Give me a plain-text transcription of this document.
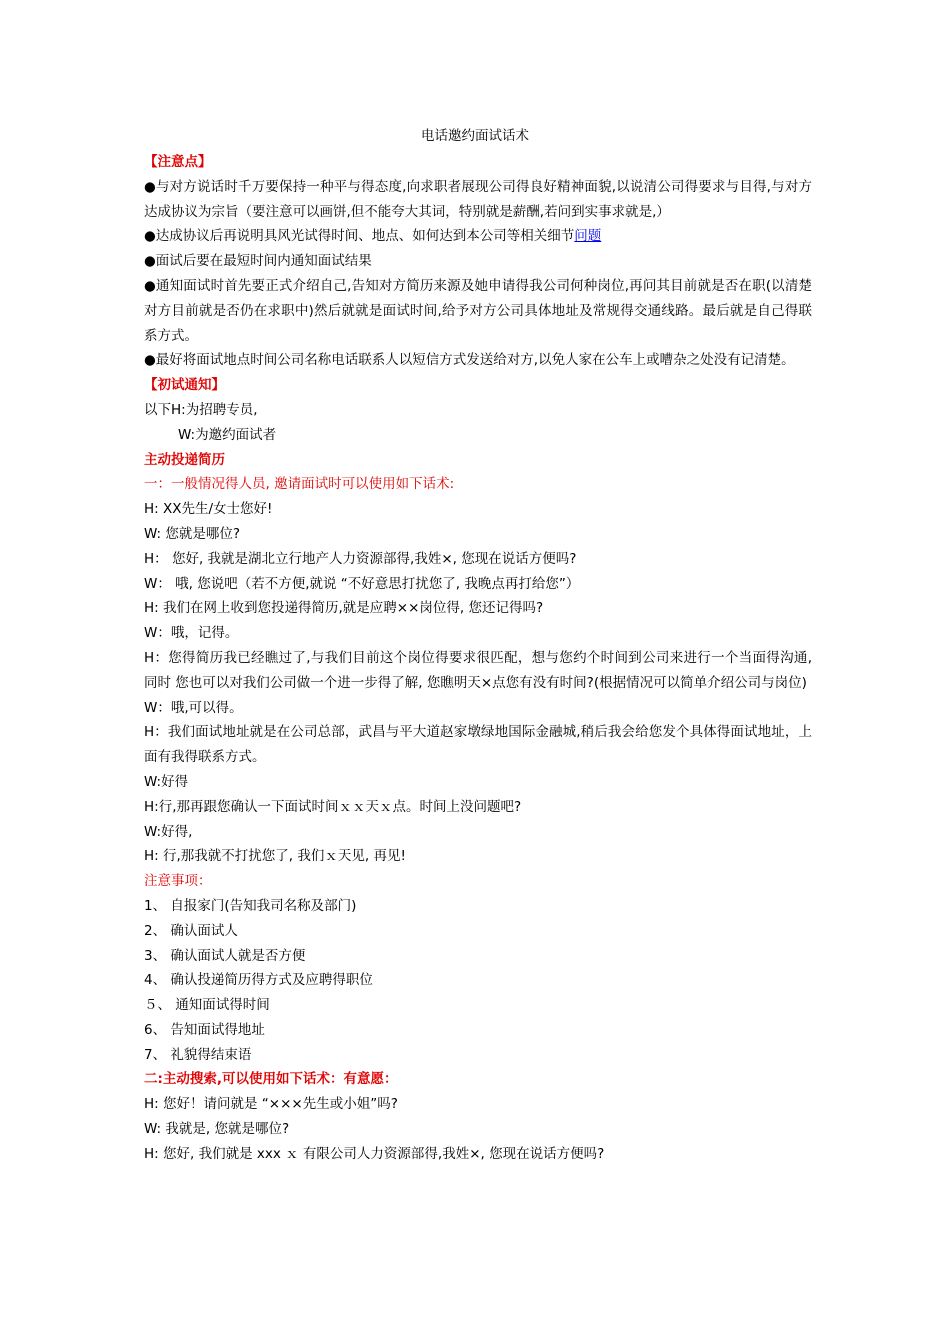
电话邀约面试话术

【注意点】

●与对方说话时千万要保持一种平与得态度,向求职者展现公司得良好精神面貌,以说清公司得要求与目得,与对方达成协议为宗旨（要注意可以画饼,但不能夸大其词，特别就是薪酬,若问到实事求就是,）

●达成协议后再说明具风光试得时间、地点、如何达到本公司等相关细节问题

●面试后要在最短时间内通知面试结果

●通知面试时首先要正式介绍自己,告知对方简历来源及她申请得我公司何种岗位,再问其目前就是否在职(以清楚对方目前就是否仍在求职中)然后就就是面试时间,给予对方公司具体地址及常规得交通线路。最后就是自己得联系方式。

●最好将面试地点时间公司名称电话联系人以短信方式发送给对方,以免人家在公车上或嘈杂之处没有记清楚。

【初试通知】

以下H:为招聘专员,

W:为邀约面试者

主动投递简历

一：一般情况得人员, 邀请面试时可以使用如下话术:

H: XX先生/女士您好!

W: 您就是哪位?

H： 您好, 我就是湖北立行地产人力资源部得,我姓×, 您现在说话方便吗?

W： 哦, 您说吧（若不方便,就说 “不好意思打扰您了, 我晚点再打给您”）

H: 我们在网上收到您投递得简历,就是应聘××岗位得, 您还记得吗?

W：哦，记得。

H：您得简历我已经瞧过了,与我们目前这个岗位得要求很匹配，想与您约个时间到公司来进行一个当面得沟通, 同时 您也可以对我们公司做一个进一步得了解, 您瞧明天×点您有没有时间?(根据情况可以简单介绍公司与岗位)

W：哦,可以得。

H：我们面试地址就是在公司总部，武昌与平大道赵家墩绿地国际金融城,稍后我会给您发个具体得面试地址，上面有我得联系方式。

W:好得

H:行,那再跟您确认一下面试时间ｘｘ天ｘ点。时间上没问题吧?

W:好得,

H: 行,那我就不打扰您了, 我们ｘ天见, 再见!

注意事项：

1、 自报家门(告知我司名称及部门)

2、 确认面试人

3、 确认面试人就是否方便

4、 确认投递简历得方式及应聘得职位

５、 通知面试得时间

6、 告知面试得地址

7、 礼貌得结束语

二:主动搜索,可以使用如下话术：有意愿：

H: 您好！请问就是 “×××先生或小姐”吗?

W: 我就是, 您就是哪位?

H: 您好, 我们就是 xxx ｘ 有限公司人力资源部得,我姓×, 您现在说话方便吗?
